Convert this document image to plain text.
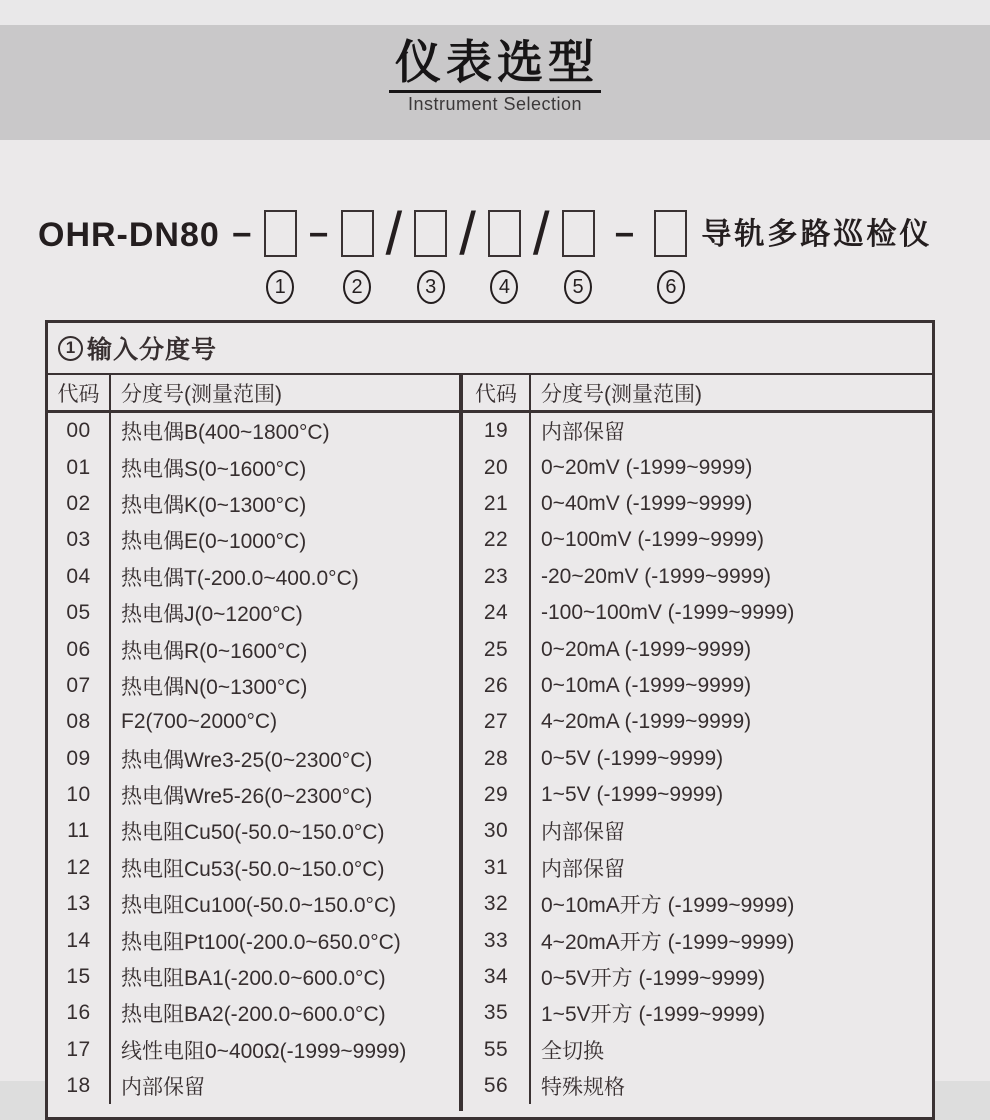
仪表选型
Instrument Selection
OHR-DN80 −
1
−
2
/
3
/
4
/
5
−
6
导轨多路巡检仪
1 输入分度号
代码	分度号(测量范围)
00	热电偶B(400~1800°C)
01	热电偶S(0~1600°C)
02	热电偶K(0~1300°C)
03	热电偶E(0~1000°C)
04	热电偶T(-200.0~400.0°C)
05	热电偶J(0~1200°C)
06	热电偶R(0~1600°C)
07	热电偶N(0~1300°C)
08	F2(700~2000°C)
09	热电偶Wre3-25(0~2300°C)
10	热电偶Wre5-26(0~2300°C)
11	热电阻Cu50(-50.0~150.0°C)
12	热电阻Cu53(-50.0~150.0°C)
13	热电阻Cu100(-50.0~150.0°C)
14	热电阻Pt100(-200.0~650.0°C)
15	热电阻BA1(-200.0~600.0°C)
16	热电阻BA2(-200.0~600.0°C)
17	线性电阻0~400Ω(-1999~9999)
18	内部保留
代码	分度号(测量范围)
19	内部保留
20	0~20mV (-1999~9999)
21	0~40mV (-1999~9999)
22	0~100mV (-1999~9999)
23	-20~20mV (-1999~9999)
24	-100~100mV (-1999~9999)
25	0~20mA (-1999~9999)
26	0~10mA (-1999~9999)
27	4~20mA (-1999~9999)
28	0~5V (-1999~9999)
29	1~5V (-1999~9999)
30	内部保留
31	内部保留
32	0~10mA开方 (-1999~9999)
33	4~20mA开方 (-1999~9999)
34	0~5V开方 (-1999~9999)
35	1~5V开方 (-1999~9999)
55	全切换
56	特殊规格
